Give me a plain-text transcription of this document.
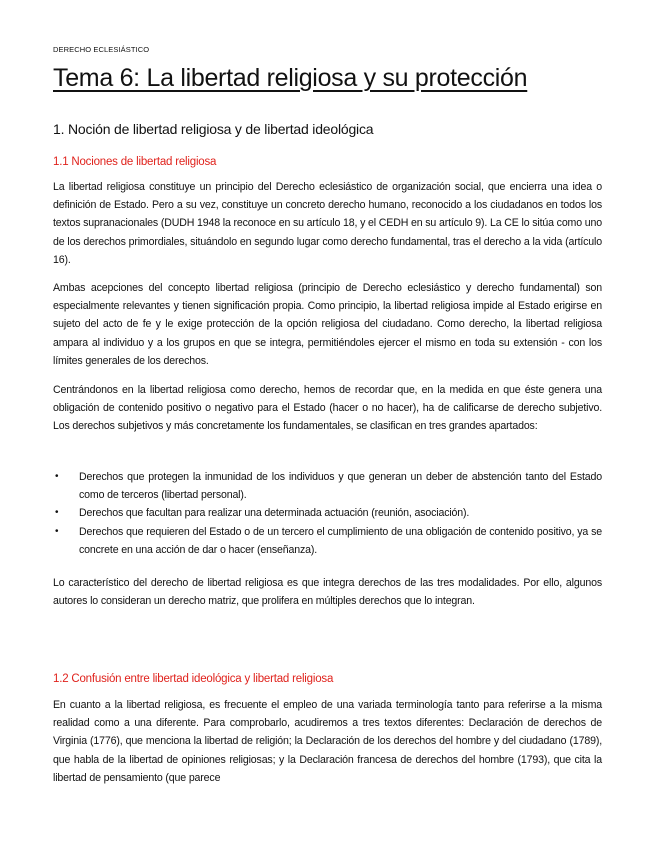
DERECHO ECLESIÁSTICO
Tema 6: La libertad religiosa y su protección
1. Noción de libertad religiosa y de libertad ideológica
1.1 Nociones de libertad religiosa

La libertad religiosa constituye un principio del Derecho eclesiástico de organización social, que encierra una idea o definición de Estado. Pero a su vez, constituye un concreto derecho humano, reconocido a los ciudadanos en todos los textos supranacionales (DUDH 1948 la reconoce en su artículo 18, y el CEDH en su artículo 9). La CE lo sitúa como uno de los derechos primordiales, situándolo en segundo lugar como derecho fundamental, tras el derecho a la vida (artículo 16).

Ambas acepciones del concepto libertad religiosa (principio de Derecho eclesiástico y derecho fundamental) son especialmente relevantes y tienen significación propia. Como principio, la libertad religiosa impide al Estado erigirse en sujeto del acto de fe y le exige protección de la opción religiosa del ciudadano. Como derecho, la libertad religiosa ampara al individuo y a los grupos en que se integra, permitiéndoles ejercer el mismo en toda su extensión - con los límites generales de los derechos.

Centrándonos en la libertad religiosa como derecho, hemos de recordar que, en la medida en que éste genera una obligación de contenido positivo o negativo para el Estado (hacer o no hacer), ha de calificarse de derecho subjetivo. Los derechos subjetivos y más concretamente los fundamentales, se clasifican en tres grandes apartados:

• Derechos que protegen la inmunidad de los individuos y que generan un deber de abstención tanto del Estado como de terceros (libertad personal).
• Derechos que facultan para realizar una determinada actuación (reunión, asociación).
• Derechos que requieren del Estado o de un tercero el cumplimiento de una obligación de contenido positivo, ya se concrete en una acción de dar o hacer (enseñanza).

Lo característico del derecho de libertad religiosa es que integra derechos de las tres modalidades. Por ello, algunos autores lo consideran un derecho matriz, que prolifera en múltiples derechos que lo integran.

1.2 Confusión entre libertad ideológica y libertad religiosa

En cuanto a la libertad religiosa, es frecuente el empleo de una variada terminología tanto para referirse a la misma realidad como a una diferente. Para comprobarlo, acudiremos a tres textos diferentes: Declaración de derechos de Virginia (1776), que menciona la libertad de religión; la Declaración de los derechos del hombre y del ciudadano (1789), que habla de la libertad de opiniones religiosas; y la Declaración francesa de derechos del hombre (1793), que cita la libertad de pensamiento (que parece
